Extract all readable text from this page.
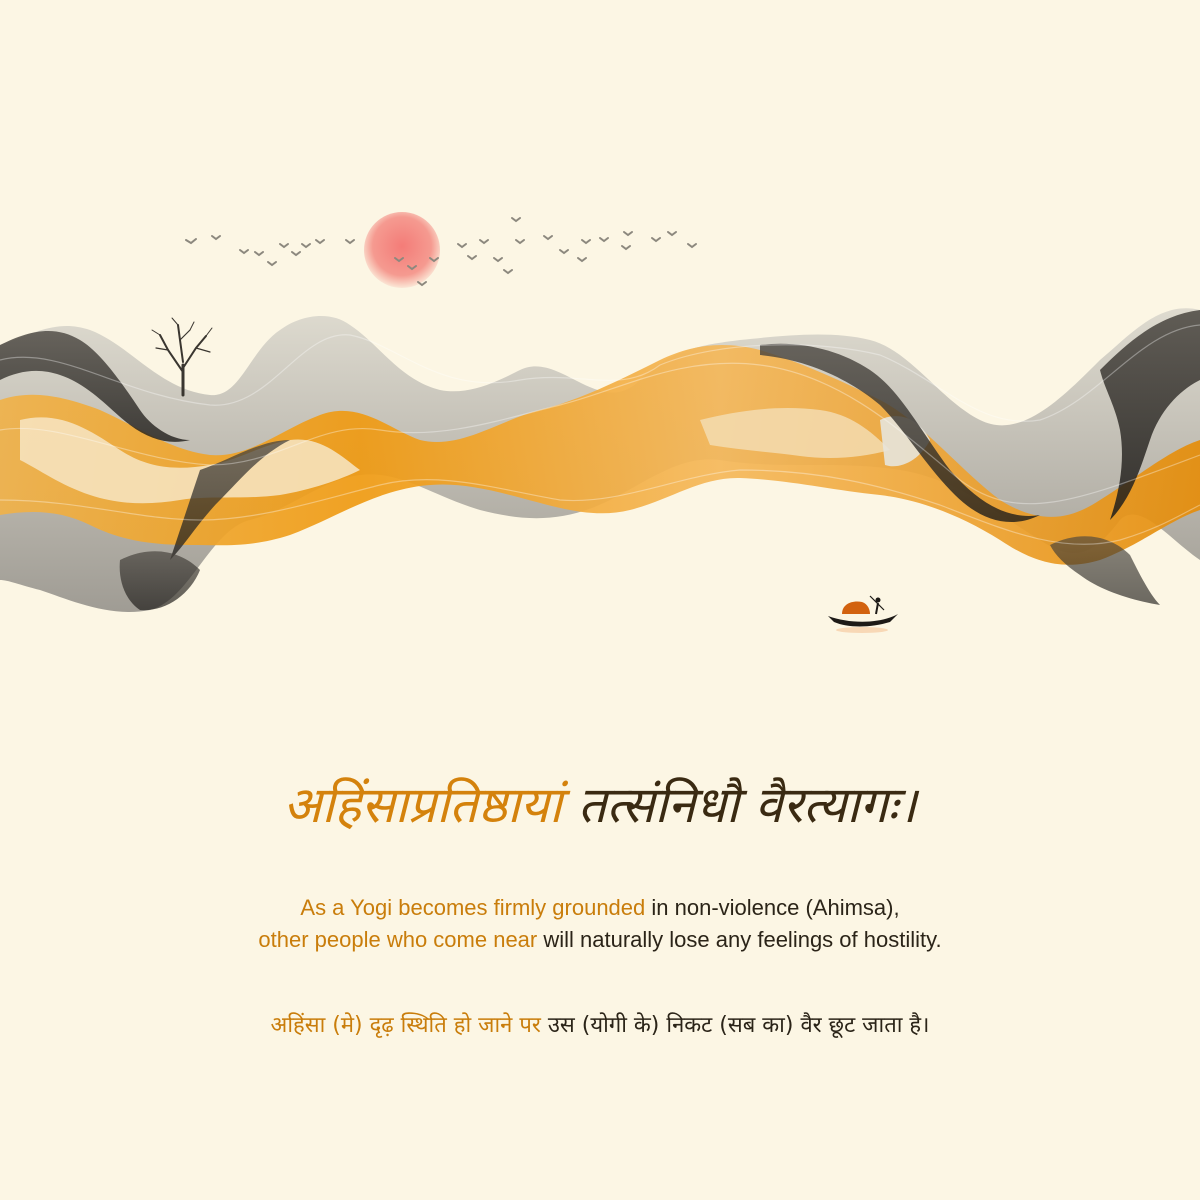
अहिंसाप्रतिष्ठायां तत्संनिधौ वैरत्यागः।

As a Yogi becomes firmly grounded in non-violence (Ahimsa),
other people who come near will naturally lose any feelings of hostility.
अहिंसा (मे) दृढ़ स्थिति हो जाने पर उस (योगी के) निकट (सब का) वैर छूट जाता है।
